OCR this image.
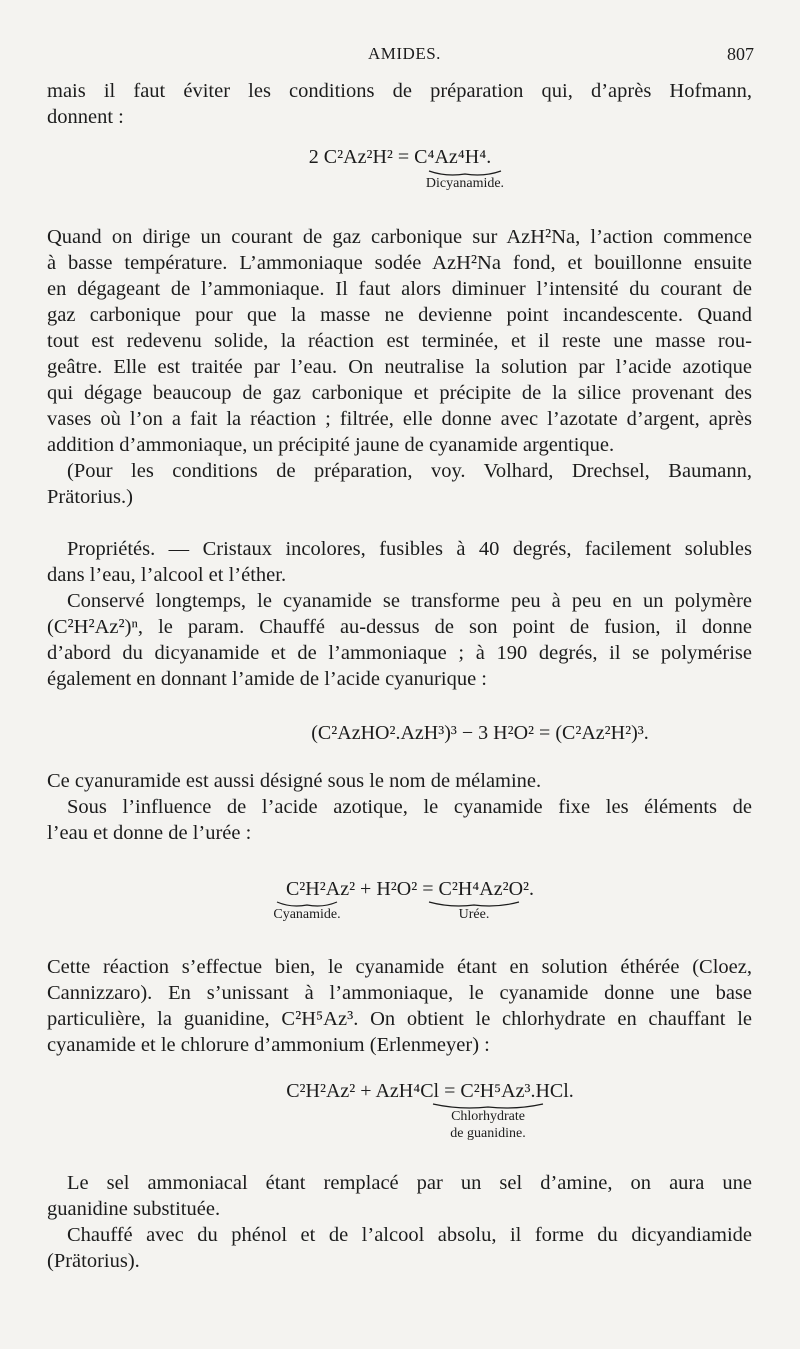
AMIDES.	807
mais il faut éviter les conditions de préparation qui, d’après Hofmann,
donnent :
2 C²Az²H² = C⁴Az⁴H⁴.
Dicyanamide.
Quand on dirige un courant de gaz carbonique sur AzH²Na, l’action commence
à basse température. L’ammoniaque sodée AzH²Na fond, et bouillonne ensuite
en dégageant de l’ammoniaque. Il faut alors diminuer l’intensité du courant de
gaz carbonique pour que la masse ne devienne point incandescente. Quand
tout est redevenu solide, la réaction est terminée, et il reste une masse rou-
geâtre. Elle est traitée par l’eau. On neutralise la solution par l’acide azotique
qui dégage beaucoup de gaz carbonique et précipite de la silice provenant des
vases où l’on a fait la réaction ; filtrée, elle donne avec l’azotate d’argent, après
addition d’ammoniaque, un précipité jaune de cyanamide argentique.
(Pour les conditions de préparation, voy. Volhard, Drechsel, Baumann,
Prätorius.)
Propriétés. — Cristaux incolores, fusibles à 40 degrés, facilement solubles
dans l’eau, l’alcool et l’éther.
Conservé longtemps, le cyanamide se transforme peu à peu en un polymère
(C²H²Az²)ⁿ, le param. Chauffé au-dessus de son point de fusion, il donne
d’abord du dicyanamide et de l’ammoniaque ; à 190 degrés, il se polymérise
également en donnant l’amide de l’acide cyanurique :
(C²AzHO².AzH³)³ − 3 H²O² = (C²Az²H²)³.
Ce cyanuramide est aussi désigné sous le nom de mélamine.
Sous l’influence de l’acide azotique, le cyanamide fixe les éléments de
l’eau et donne de l’urée :
C²H²Az² + H²O² = C²H⁴Az²O².
Cyanamide.	Urée.
Cette réaction s’effectue bien, le cyanamide étant en solution éthérée (Cloez,
Cannizzaro). En s’unissant à l’ammoniaque, le cyanamide donne une base
particulière, la guanidine, C²H⁵Az³. On obtient le chlorhydrate en chauffant le
cyanamide et le chlorure d’ammonium (Erlenmeyer) :
C²H²Az² + AzH⁴Cl = C²H⁵Az³.HCl.
Chlorhydrate
de guanidine.
Le sel ammoniacal étant remplacé par un sel d’amine, on aura une
guanidine substituée.
Chauffé avec du phénol et de l’alcool absolu, il forme du dicyandiamide
(Prätorius).
